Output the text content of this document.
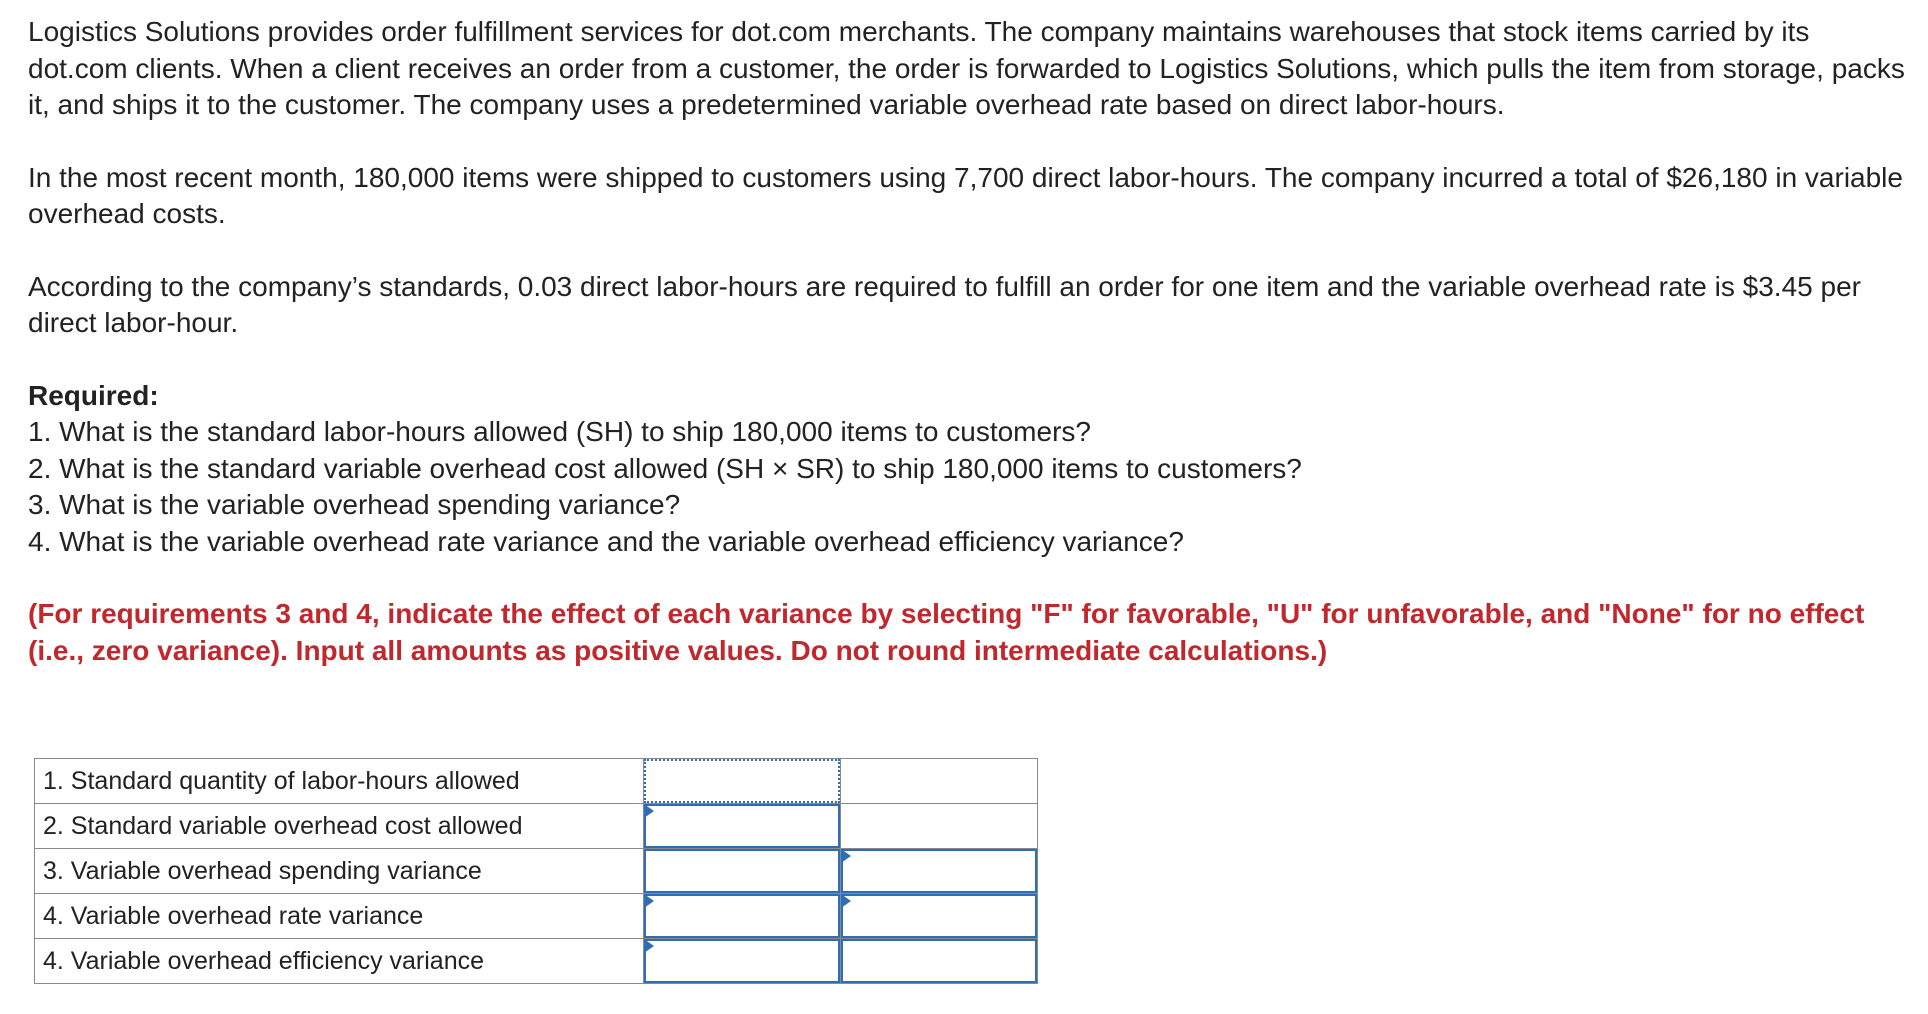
Logistics Solutions provides order fulfillment services for dot.com merchants. The company maintains warehouses that stock items carried by its dot.com clients. When a client receives an order from a customer, the order is forwarded to Logistics Solutions, which pulls the item from storage, packs it, and ships it to the customer. The company uses a predetermined variable overhead rate based on direct labor-hours.

In the most recent month, 180,000 items were shipped to customers using 7,700 direct labor-hours. The company incurred a total of $26,180 in variable overhead costs.

According to the company’s standards, 0.03 direct labor-hours are required to fulfill an order for one item and the variable overhead rate is $3.45 per direct labor-hour.

Required:
1. What is the standard labor-hours allowed (SH) to ship 180,000 items to customers?
2. What is the standard variable overhead cost allowed (SH × SR) to ship 180,000 items to customers?
3. What is the variable overhead spending variance?
4. What is the variable overhead rate variance and the variable overhead efficiency variance?
(For requirements 3 and 4, indicate the effect of each variance by selecting "F" for favorable, "U" for unfavorable, and "None" for no effect (i.e., zero variance). Input all amounts as positive values. Do not round intermediate calculations.)
1. Standard quantity of labor-hours allowed	

2. Standard variable overhead cost allowed	

3. Variable overhead spending variance	

4. Variable overhead rate variance	

4. Variable overhead efficiency variance	
